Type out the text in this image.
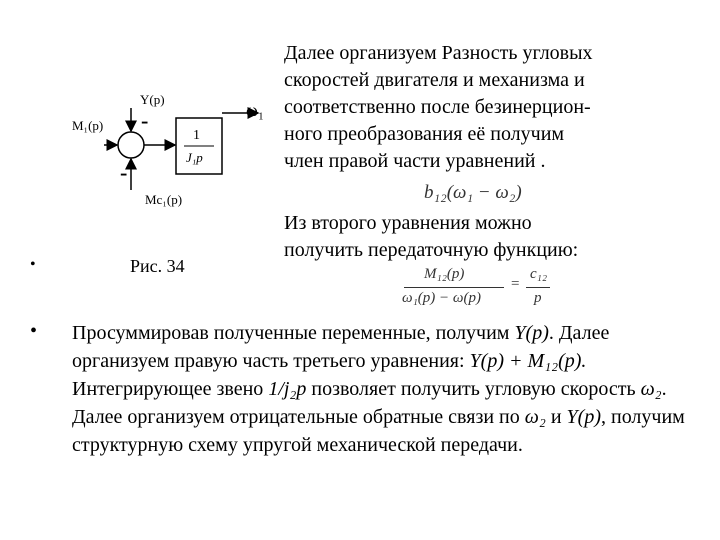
M₁(p)
Y(p)
Mс₁(p)
-
-
1
J₁p
ω₁
•	Рис. 34

Далее организуем Разность угловых

скоростей двигателя и механизма и

соответственно после безинерцион-

ного преобразования её получим

член правой части уравнений .

b₁₂(ω₁ − ω₂)

Из второго уравнения можно

получить передаточную функцию:

M₁₂(p)
ω₁(p) − ω(p)
=
c₁₂
p
• Просуммировав полученные переменные, получим Y(p). Далее организуем правую часть третьего уравнения: Y(p) + M₁₂(p). Интегрирующее звено 1/j₂p позволяет получить угловую скорость ω₂. Далее организуем отрицательные обратные связи по ω₂ и Y(p), получим структурную схему упругой механической передачи.
